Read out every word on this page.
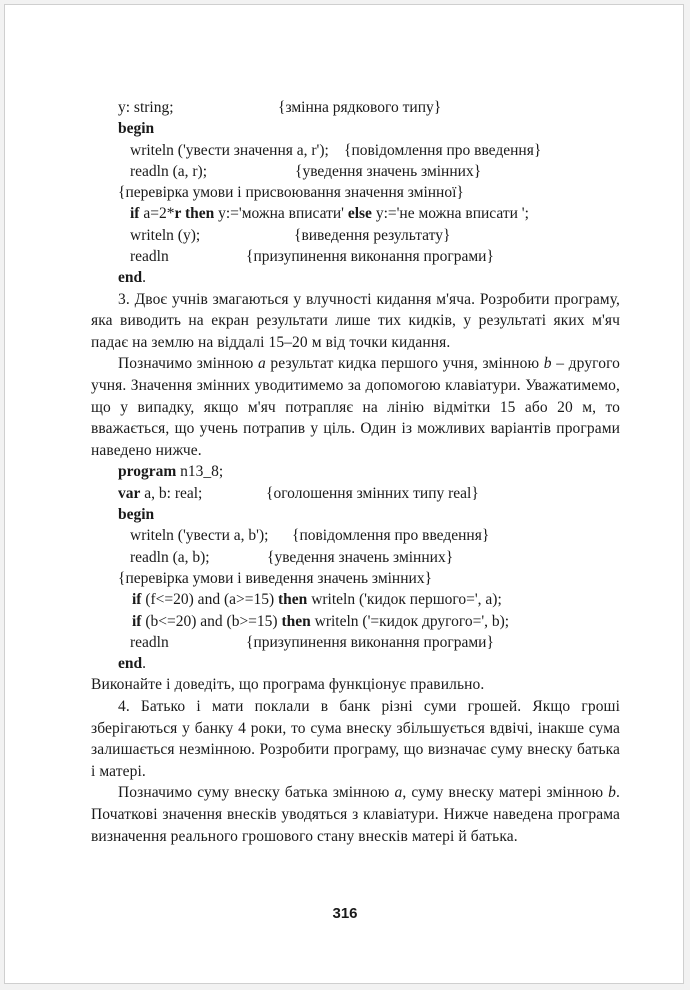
y: string;	{змінна рядкового типу}
begin
writeln ('увести значення a, r'); {повідомлення про введення}
readln (a, r);	{уведення значень змінних}
{перевірка умови і присвоювання значення змінної}
if a=2*r then y:='можна вписати' else y:='не можна вписати ';
writeln (y);	{виведення результату}
readln	{призупинення виконання програми}
end.
3. Двоє учнів змагаються у влучності кидання м'яча. Розробити програму, яка виводить на екран результати лише тих кидків, у результаті яких м'яч падає на землю на віддалі 15–20 м від точки кидання.
Позначимо змінною a результат кидка першого учня, змінною b – другого учня. Значення змінних уводитимемо за допомогою клавіатури. Уважатимемо, що у випадку, якщо м'яч потрапляє на лінію відмітки 15 або 20 м, то вважається, що учень потрапив у ціль. Один із можливих варіантів програми наведено нижче.
program n13_8;
var a, b: real;	{оголошення змінних типу real}
begin
writeln ('увести a, b'); {повідомлення про введення}
readln (a, b);	{уведення значень змінних}
{перевірка умови і виведення значень змінних}
if (f<=20) and (a>=15) then writeln ('кидок першого=', a);
if (b<=20) and (b>=15) then writeln ('=кидок другого=', b);
readln	{призупинення виконання програми}
end.
Виконайте і доведіть, що програма функціонує правильно.
4. Батько і мати поклали в банк різні суми грошей. Якщо гроші зберігаються у банку 4 роки, то сума внеску збільшується вдвічі, інакше сума залишається незмінною. Розробити програму, що визначає суму внеску батька і матері.
Позначимо суму внеску батька змінною a, суму внеску матері змінною b. Початкові значення внесків уводяться з клавіатури. Нижче наведена програма визначення реального грошового стану внесків матері й батька.
316
